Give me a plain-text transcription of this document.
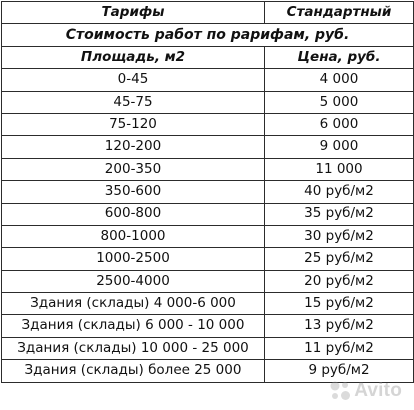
Тарифы	Стандартный
Стоимость работ по рарифам, руб.	
Площадь, м2	Цена, руб.
0-45	4 000
45-75	5 000
75-120	6 000
120-200	9 000
200-350	11 000
350-600	40 руб/м2
600-800	35 руб/м2
800-1000	30 руб/м2
1000-2500	25 руб/м2
2500-4000	20 руб/м2
Здания (склады) 4 000-6 000	15 руб/м2
Здания (склады) 6 000 - 10 000	13 руб/м2
Здания (склады) 10 000 - 25 000	11 руб/м2
Здания (склады) более 25 000	9 руб/м2
Avito
